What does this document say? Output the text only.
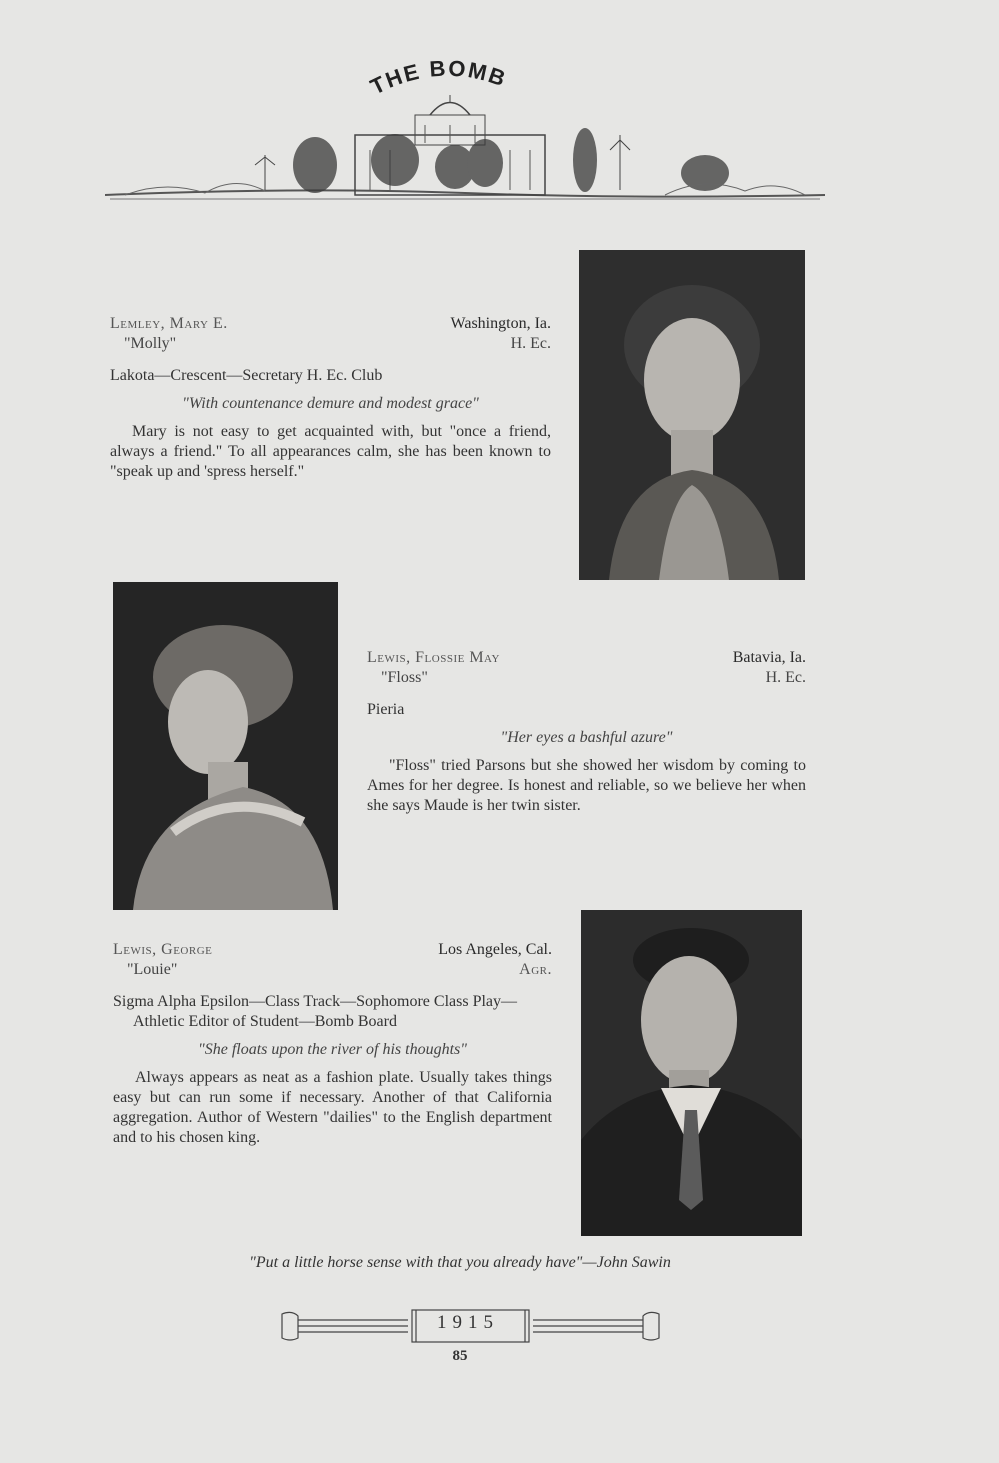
THE BOMB
Lemley, Mary E.	Washington, Ia.
"Molly"	H. Ec.
Lakota—Crescent—Secretary H. Ec. Club
"With countenance demure and modest grace"
Mary is not easy to get acquainted with, but "once a friend, always a friend." To all appearances calm, she has been known to "speak up and 'spress herself."
Lewis, Flossie May	Batavia, Ia.
"Floss"	H. Ec.
Pieria
"Her eyes a bashful azure"
"Floss" tried Parsons but she showed her wisdom by coming to Ames for her degree. Is honest and reliable, so we believe her when she says Maude is her twin sister.
Lewis, George	Los Angeles, Cal.
"Louie"	Agr.
Sigma Alpha Epsilon—Class Track—Sophomore Class Play—Athletic Editor of Student—Bomb Board
"She floats upon the river of his thoughts"
Always appears as neat as a fashion plate. Usually takes things easy but can run some if necessary. Another of that California aggregation. Author of Western "dailies" to the English department and to his chosen king.
"Put a little horse sense with that you already have"—John Sawin
1915
85
